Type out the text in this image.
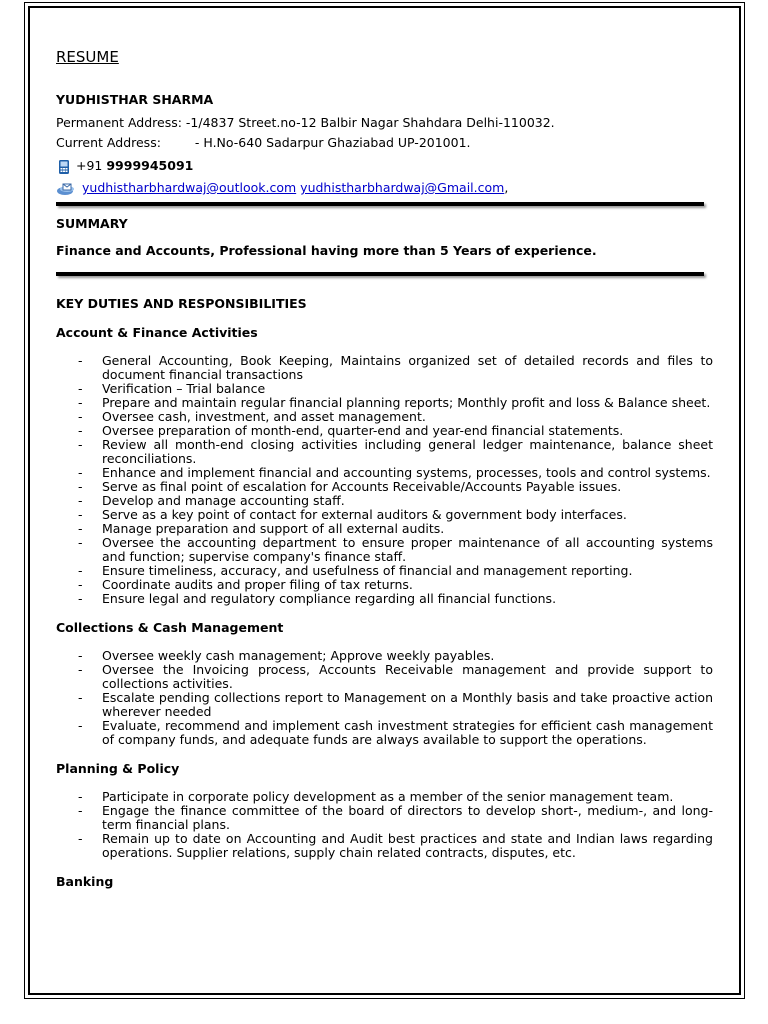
RESUME
YUDHISTHAR SHARMA
Permanent Address: -1/4837 Street.no-12 Balbir Nagar Shahdara Delhi-110032.
Current Address:	- H.No-640 Sadarpur Ghaziabad UP-201001.
+91 9999945091
yudhistharbhardwaj@outlook.com yudhistharbhardwaj@Gmail.com ,
SUMMARY
Finance and Accounts, Professional having more than 5 Years of experience.
KEY DUTIES AND RESPONSIBILITIES
Account & Finance Activities
- General Accounting, Book Keeping, Maintains organized set of detailed records and files to document financial transactions
- Verification – Trial balance
- Prepare and maintain regular financial planning reports; Monthly profit and loss & Balance sheet.
- Oversee cash, investment, and asset management.
- Oversee preparation of month-end, quarter-end and year-end financial statements.
- Review all month-end closing activities including general ledger maintenance, balance sheet reconciliations.
- Enhance and implement financial and accounting systems, processes, tools and control systems.
- Serve as final point of escalation for Accounts Receivable/Accounts Payable issues.
- Develop and manage accounting staff.
- Serve as a key point of contact for external auditors & government body interfaces.
- Manage preparation and support of all external audits.
- Oversee the accounting department to ensure proper maintenance of all accounting systems and function; supervise company's finance staff.
- Ensure timeliness, accuracy, and usefulness of financial and management reporting.
- Coordinate audits and proper filing of tax returns.
- Ensure legal and regulatory compliance regarding all financial functions.
Collections & Cash Management
- Oversee weekly cash management; Approve weekly payables.
- Oversee the Invoicing process, Accounts Receivable management and provide support to collections activities.
- Escalate pending collections report to Management on a Monthly basis and take proactive action wherever needed
- Evaluate, recommend and implement cash investment strategies for efficient cash management of company funds, and adequate funds are always available to support the operations.
Planning & Policy
- Participate in corporate policy development as a member of the senior management team.
- Engage the finance committee of the board of directors to develop short-, medium-, and long-term financial plans.
- Remain up to date on Accounting and Audit best practices and state and Indian laws regarding operations. Supplier relations, supply chain related contracts, disputes, etc.
Banking
